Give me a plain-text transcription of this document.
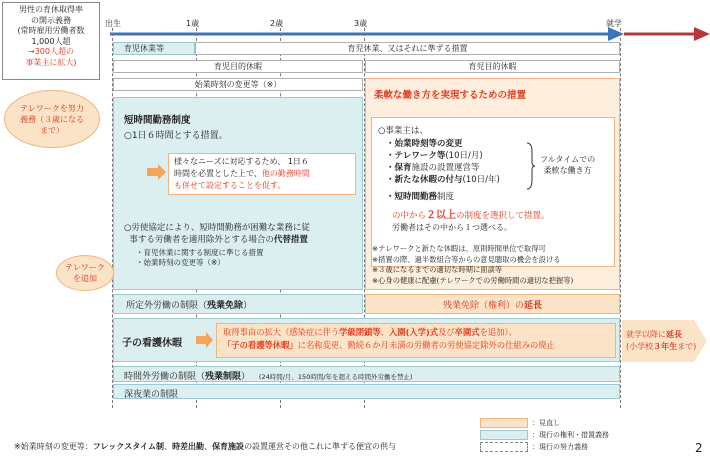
出生	1歳	2歳	3歳	就学
男性の育休取得率
の開示義務
(常時雇用労働者数
1,000人超
→300人超の
事業主に拡大)
テレワークを努力義務（３歳になるまで）
育児休業等	育児休業、又はそれに準ずる措置
育児目的休暇	育児目的休暇
始業時刻の変更等（※）
短時間勤務制度
○1日６時間とする措置。
様々なニーズに対応するため、 1日６
時間を必置とした上で、他の勤務時間
も併せて設定することを促す。
○労使協定により、短時間勤務が困難な業務に従
事する労働者を適用除外とする場合の代替措置
・育児休業に関する制度に準じる措置
・始業時刻の変更等（※）
テレワーク
を追加
柔軟な働き方を実現するための措置
○事業主は、
・始業時刻等の変更
・テレワーク等(10日/月)
・保育施設の設置運営等
・新たな休暇の付与(10日/年)
フルタイムでの
柔軟な働き方
・短時間勤務制度
の中から２以上の制度を選択して措置。
労働者はその中から１つ選べる。
※テレワークと新たな休暇は、原則時間単位で取得可
※措置の際、過半数組合等からの意見聴取の機会を設ける
※３歳になるまでの適切な時期に面談等
※心身の健康に配慮(テレワークでの労働時間の適切な把握等)
所定外労働の制限（残業免除）	残業免除（権利）の 延長
子の看護休暇
取得事由の拡大（感染症に伴う学級閉鎖等、入園(入学)式及び卒園式を追加）、
「子の看護等休暇」に名称変更、勤続６か月未満の労働者の労使協定除外の仕組みの廃止
就学以降に延長
(小学校３年生まで)
時間外労働の制限（残業制限） (24時間/月、150時間/年を超える時間外労働を禁止)
深夜業の制限
：見直し
：現行の権利・措置義務
：現行の努力義務
※始業時刻の変更等：フレックスタイム制、時差出勤、保育施設の設置運営その他これに準ずる便宜の供与	2
